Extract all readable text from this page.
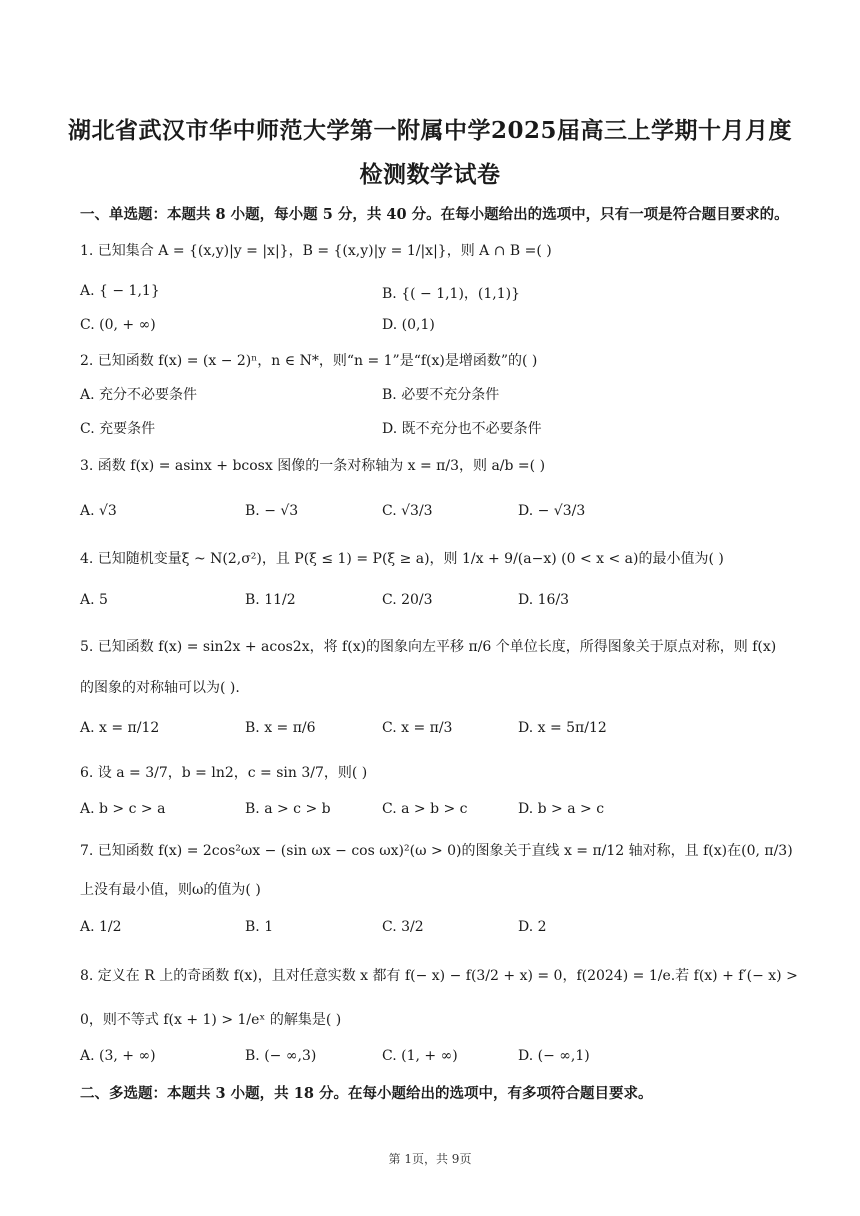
湖北省武汉市华中师范大学第一附属中学2025届高三上学期十月月度
检测数学试卷
一、单选题：本题共 8 小题，每小题 5 分，共 40 分。在每小题给出的选项中，只有一项是符合题目要求的。
1. 已知集合 A = {(x,y)|y = |x|}，B = {(x,y)|y = 1/|x|}，则 A ∩ B =( )
A. { − 1,1}	B. {( − 1,1)，(1,1)}
C. (0, + ∞)	D. (0,1)
2. 已知函数 f(x) = (x − 2)ⁿ，n ∈ N*，则“n = 1”是“f(x)是增函数”的( )
A. 充分不必要条件	B. 必要不充分条件
C. 充要条件	D. 既不充分也不必要条件
3. 函数 f(x) = asinx + bcosx 图像的一条对称轴为 x = π/3，则 a/b =( )
A. √3	B. − √3	C. √3/3	D. − √3/3
4. 已知随机变量ξ ~ N(2,σ²)，且 P(ξ ≤ 1) = P(ξ ≥ a)，则 1/x + 9/(a−x) (0 < x < a)的最小值为( )
A. 5	B. 11/2	C. 20/3	D. 16/3
5. 已知函数 f(x) = sin2x + acos2x，将 f(x)的图象向左平移 π/6 个单位长度，所得图象关于原点对称，则 f(x)
的图象的对称轴可以为( ).
A. x = π/12	B. x = π/6	C. x = π/3	D. x = 5π/12
6. 设 a = 3/7，b = ln2，c = sin 3/7，则( )
A. b > c > a	B. a > c > b	C. a > b > c	D. b > a > c
7. 已知函数 f(x) = 2cos²ωx − (sin ωx − cos ωx)²(ω > 0)的图象关于直线 x = π/12 轴对称，且 f(x)在(0, π/3)
上没有最小值，则ω的值为( )
A. 1/2	B. 1	C. 3/2	D. 2
8. 定义在 R 上的奇函数 f(x)，且对任意实数 x 都有 f(− x) − f(3/2 + x) = 0，f(2024) = 1/e.若 f(x) + f′(− x) >
0，则不等式 f(x + 1) > 1/eˣ 的解集是( )
A. (3, + ∞)	B. (− ∞,3)	C. (1, + ∞)	D. (− ∞,1)
二、多选题：本题共 3 小题，共 18 分。在每小题给出的选项中，有多项符合题目要求。
第 1页，共 9页
